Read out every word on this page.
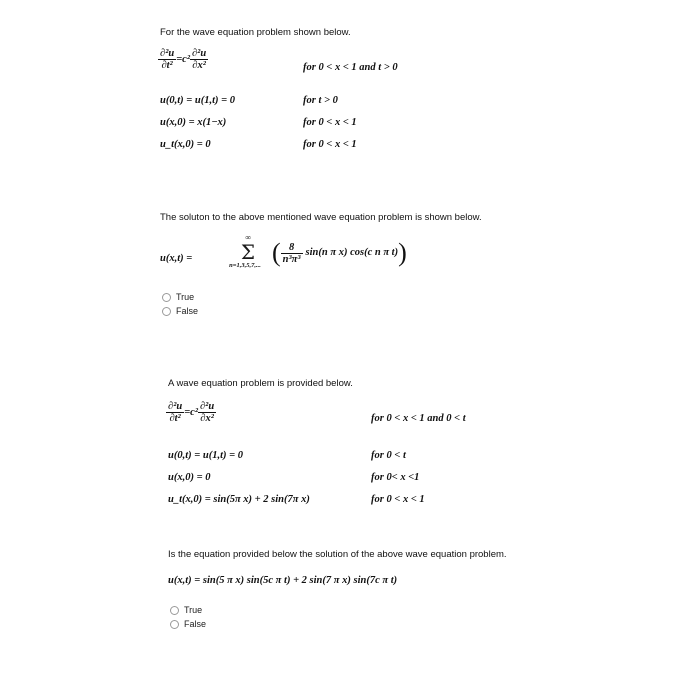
For the wave equation problem shown below.
$\frac{\text{∂²u}}{\text{∂t²}} =c^2 \frac{\text{∂²u}}{\text{∂x²}}$	for 0 < x < 1 and t > 0
u(0,t) = u(1,t) = 0	for t > 0
u(x,0) = x(1−x)	for 0 < x < 1
u_t(x,0) = 0	for 0 < x < 1
The soluton to the above mentioned wave equation problem is shown below.
u(x,t) =
∞
Σ
n=1,3,5,7,... ( $\frac{8}{\text{n³π³}} \sin(n$ π x) cos(c n π t))
True
False
A wave equation problem is provided below.
$\frac{\text{∂²u}}{\text{∂t²}} =c^2 \frac{\text{∂²u}}{\text{∂x²}}$	for 0 < x < 1 and 0 < t
u(0,t) = u(1,t) = 0	for 0 < t
u(x,0) = 0	for 0< x <1
u_t(x,0) = sin(5π x) + 2 sin(7π x)	for 0 < x < 1
Is the equation provided below the solution of the above wave equation problem.
u(x,t) = sin(5 π x) sin(5c π t) + 2 sin(7 π x) sin(7c π t)
True
False
